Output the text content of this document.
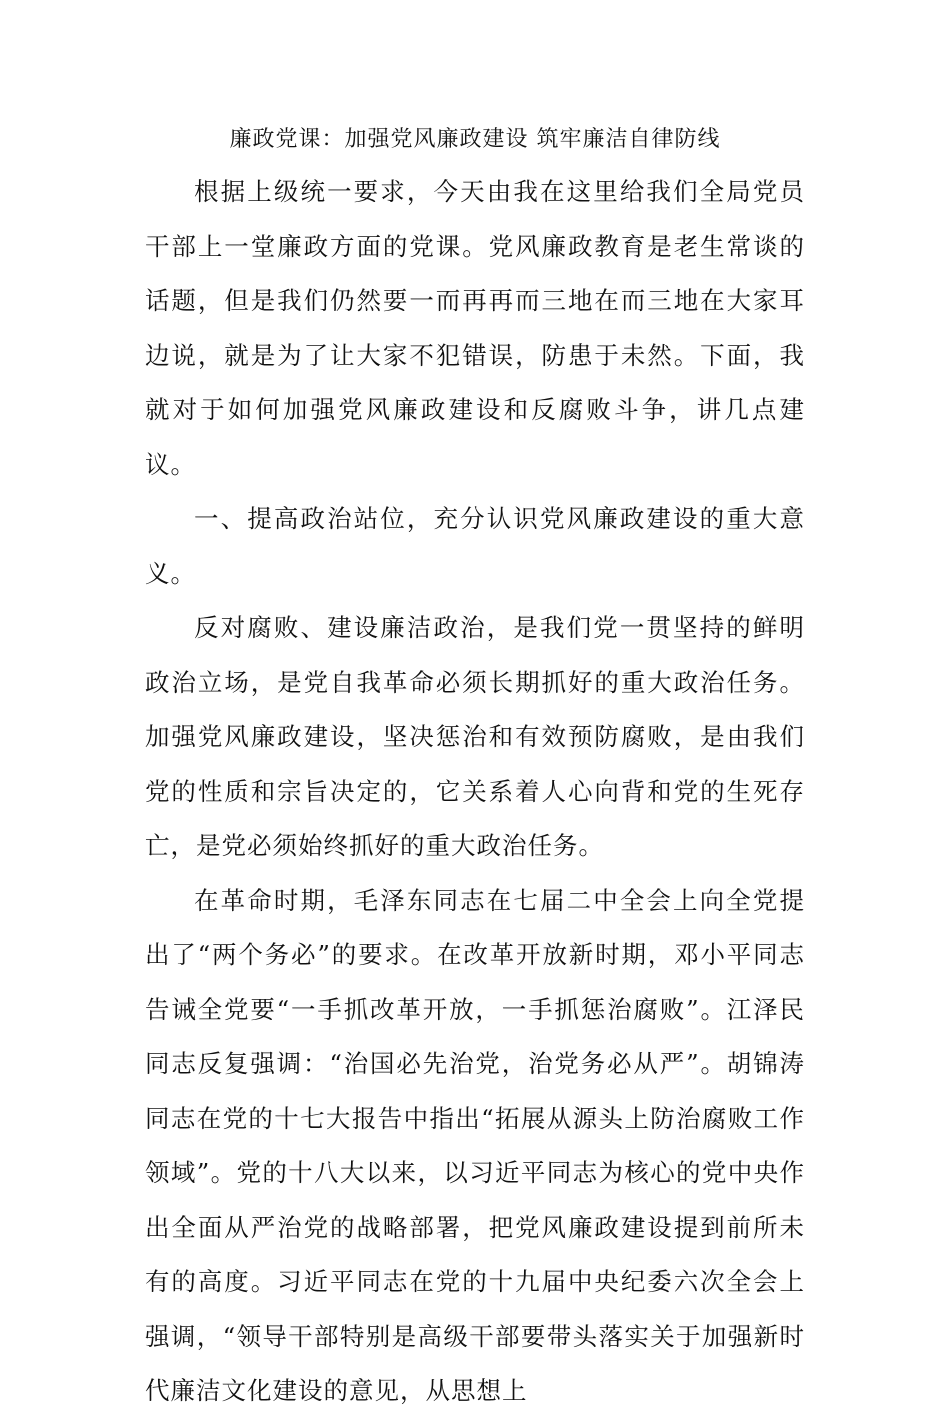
廉政党课：加强党风廉政建设 筑牢廉洁自律防线

根据上级统一要求，今天由我在这里给我们全局党员干部上一堂廉政方面的党课。党风廉政教育是老生常谈的话题，但是我们仍然要一而再再而三地在而三地在大家耳边说，就是为了让大家不犯错误，防患于未然。下面，我就对于如何加强党风廉政建设和反腐败斗争，讲几点建议。

一、提高政治站位，充分认识党风廉政建设的重大意义。

反对腐败、建设廉洁政治，是我们党一贯坚持的鲜明政治立场，是党自我革命必须长期抓好的重大政治任务。加强党风廉政建设，坚决惩治和有效预防腐败，是由我们党的性质和宗旨决定的，它关系着人心向背和党的生死存亡，是党必须始终抓好的重大政治任务。

在革命时期，毛泽东同志在七届二中全会上向全党提出了“两个务必”的要求。在改革开放新时期，邓小平同志告诫全党要“一手抓改革开放，一手抓惩治腐败”。江泽民同志反复强调：“治国必先治党，治党务必从严”。胡锦涛同志在党的十七大报告中指出“拓展从源头上防治腐败工作领域”。党的十八大以来，以习近平同志为核心的党中央作出全面从严治党的战略部署，把党风廉政建设提到前所未有的高度。习近平同志在党的十九届中央纪委六次全会上强调，“领导干部特别是高级干部要带头落实关于加强新时代廉洁文化建设的意见，从思想上
